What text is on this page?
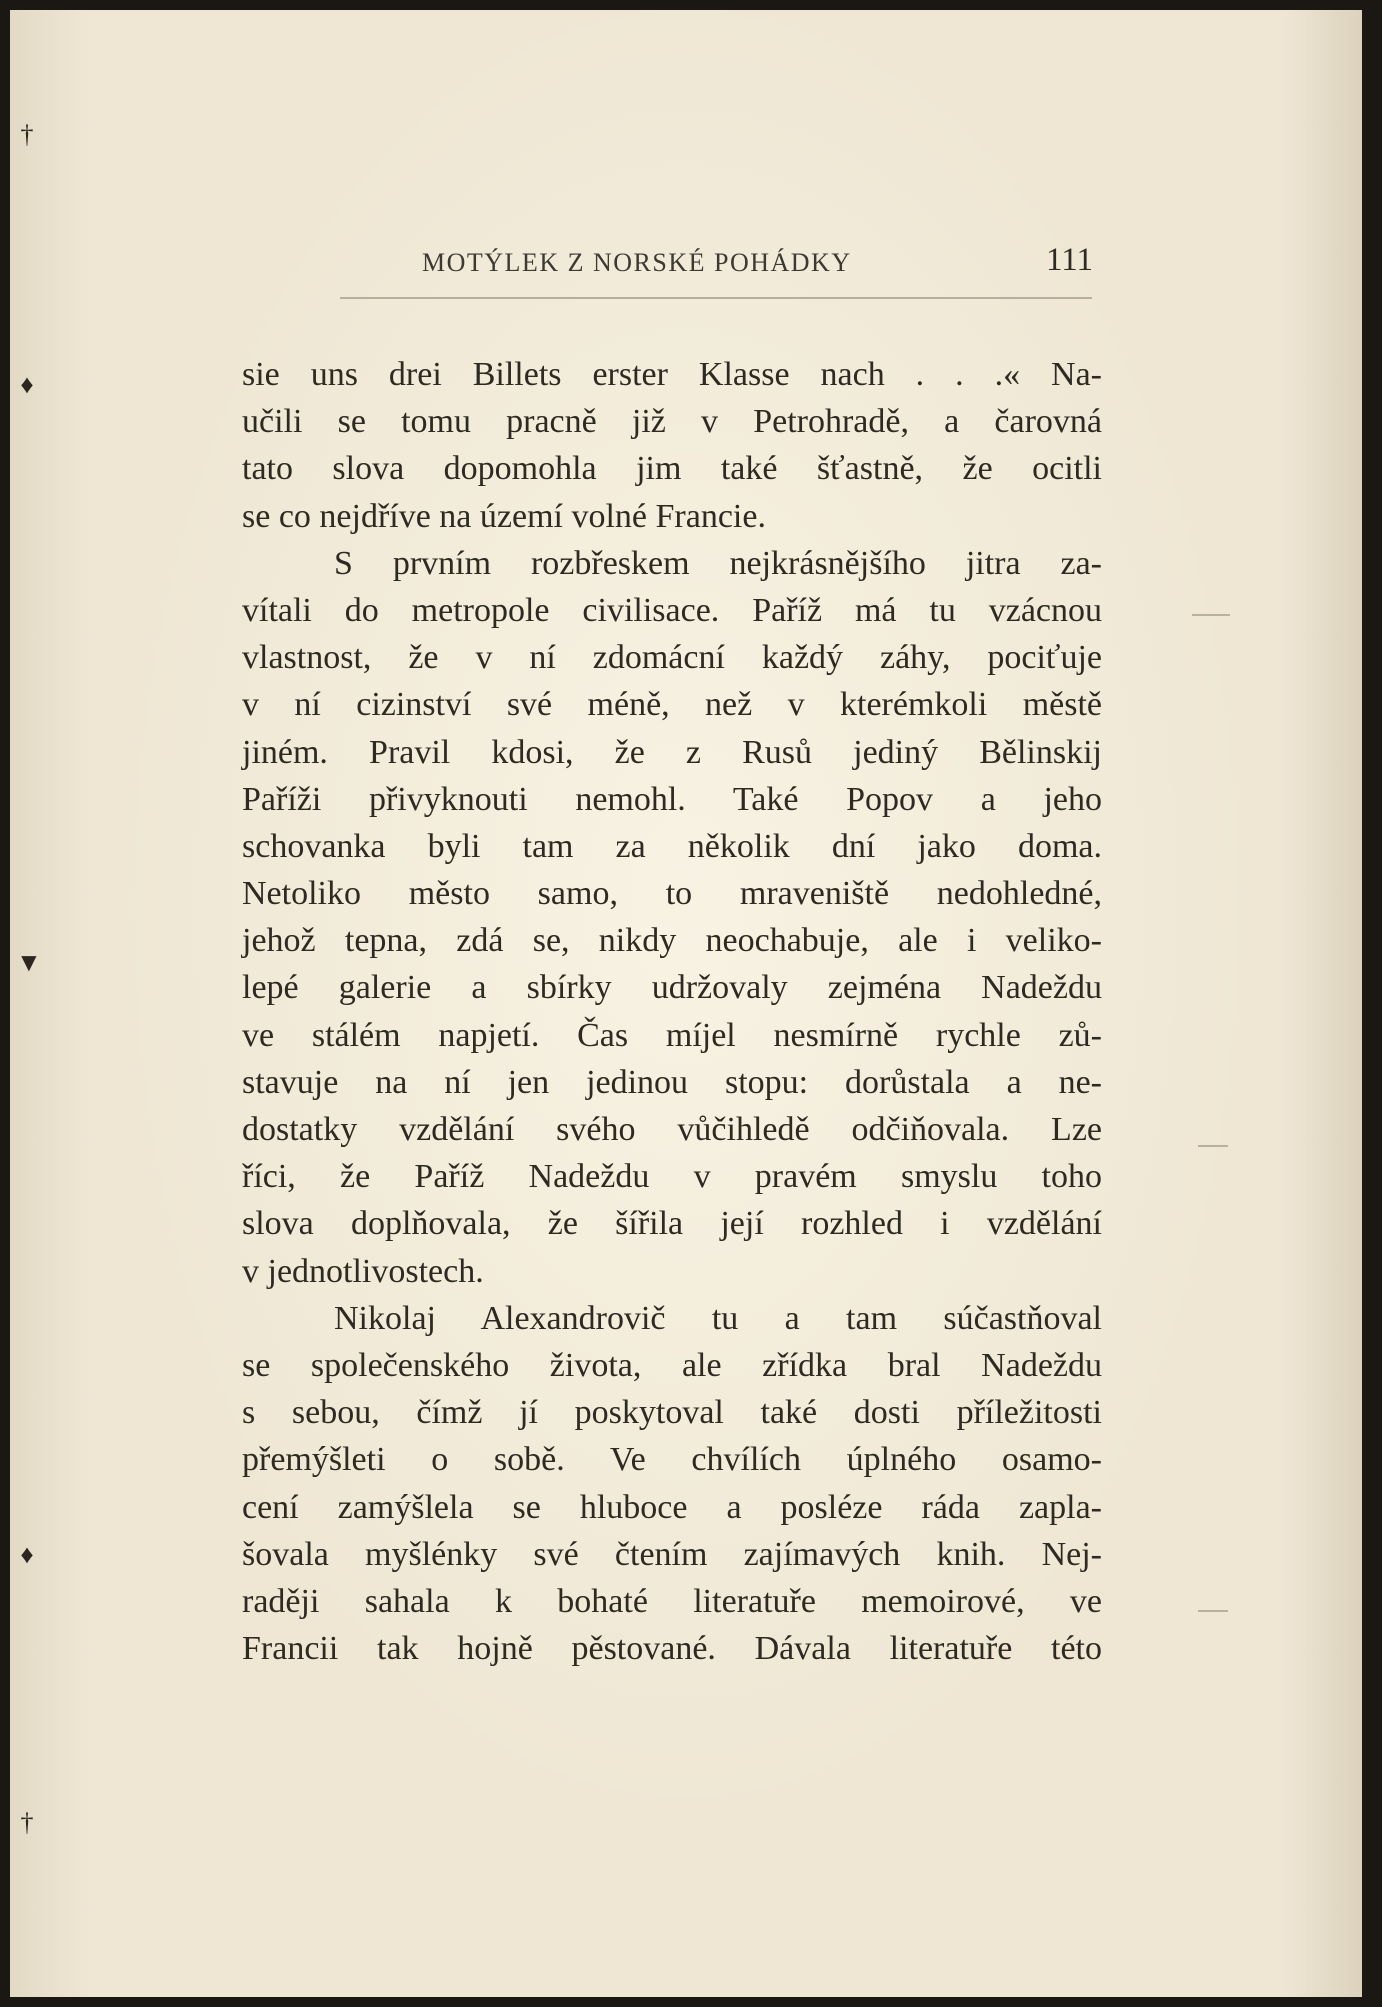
†
♦
▼
♦
†
MOTÝLEK Z NORSKÉ POHÁDKY	111
sie uns drei Billets erster Klasse nach . . .« Na-
učili se tomu pracně již v Petrohradě, a čarovná
tato slova dopomohla jim také šťastně, že ocitli
se co nejdříve na území volné Francie.
S prvním rozbřeskem nejkrásnějšího jitra za-
vítali do metropole civilisace. Paříž má tu vzácnou
vlastnost, že v ní zdomácní každý záhy, pociťuje
v ní cizinství své méně, než v kterémkoli městě
jiném. Pravil kdosi, že z Rusů jediný Bělinskij
Paříži přivyknouti nemohl. Také Popov a jeho
schovanka byli tam za několik dní jako doma.
Netoliko město samo, to mraveniště nedohledné,
jehož tepna, zdá se, nikdy neochabuje, ale i veliko-
lepé galerie a sbírky udržovaly zejména Nadeždu
ve stálém napjetí. Čas míjel nesmírně rychle zů-
stavuje na ní jen jedinou stopu: dorůstala a ne-
dostatky vzdělání svého vůčihledě odčiňovala. Lze
říci, že Paříž Nadeždu v pravém smyslu toho
slova doplňovala, že šířila její rozhled i vzdělání
v jednotlivostech.
Nikolaj Alexandrovič tu a tam súčastňoval
se společenského života, ale zřídka bral Nadeždu
s sebou, čímž jí poskytoval také dosti příležitosti
přemýšleti o sobě. Ve chvílích úplného osamo-
cení zamýšlela se hluboce a posléze ráda zapla-
šovala myšlénky své čtením zajímavých knih. Nej-
raději sahala k bohaté literatuře memoirové, ve
Francii tak hojně pěstované. Dávala literatuře této
